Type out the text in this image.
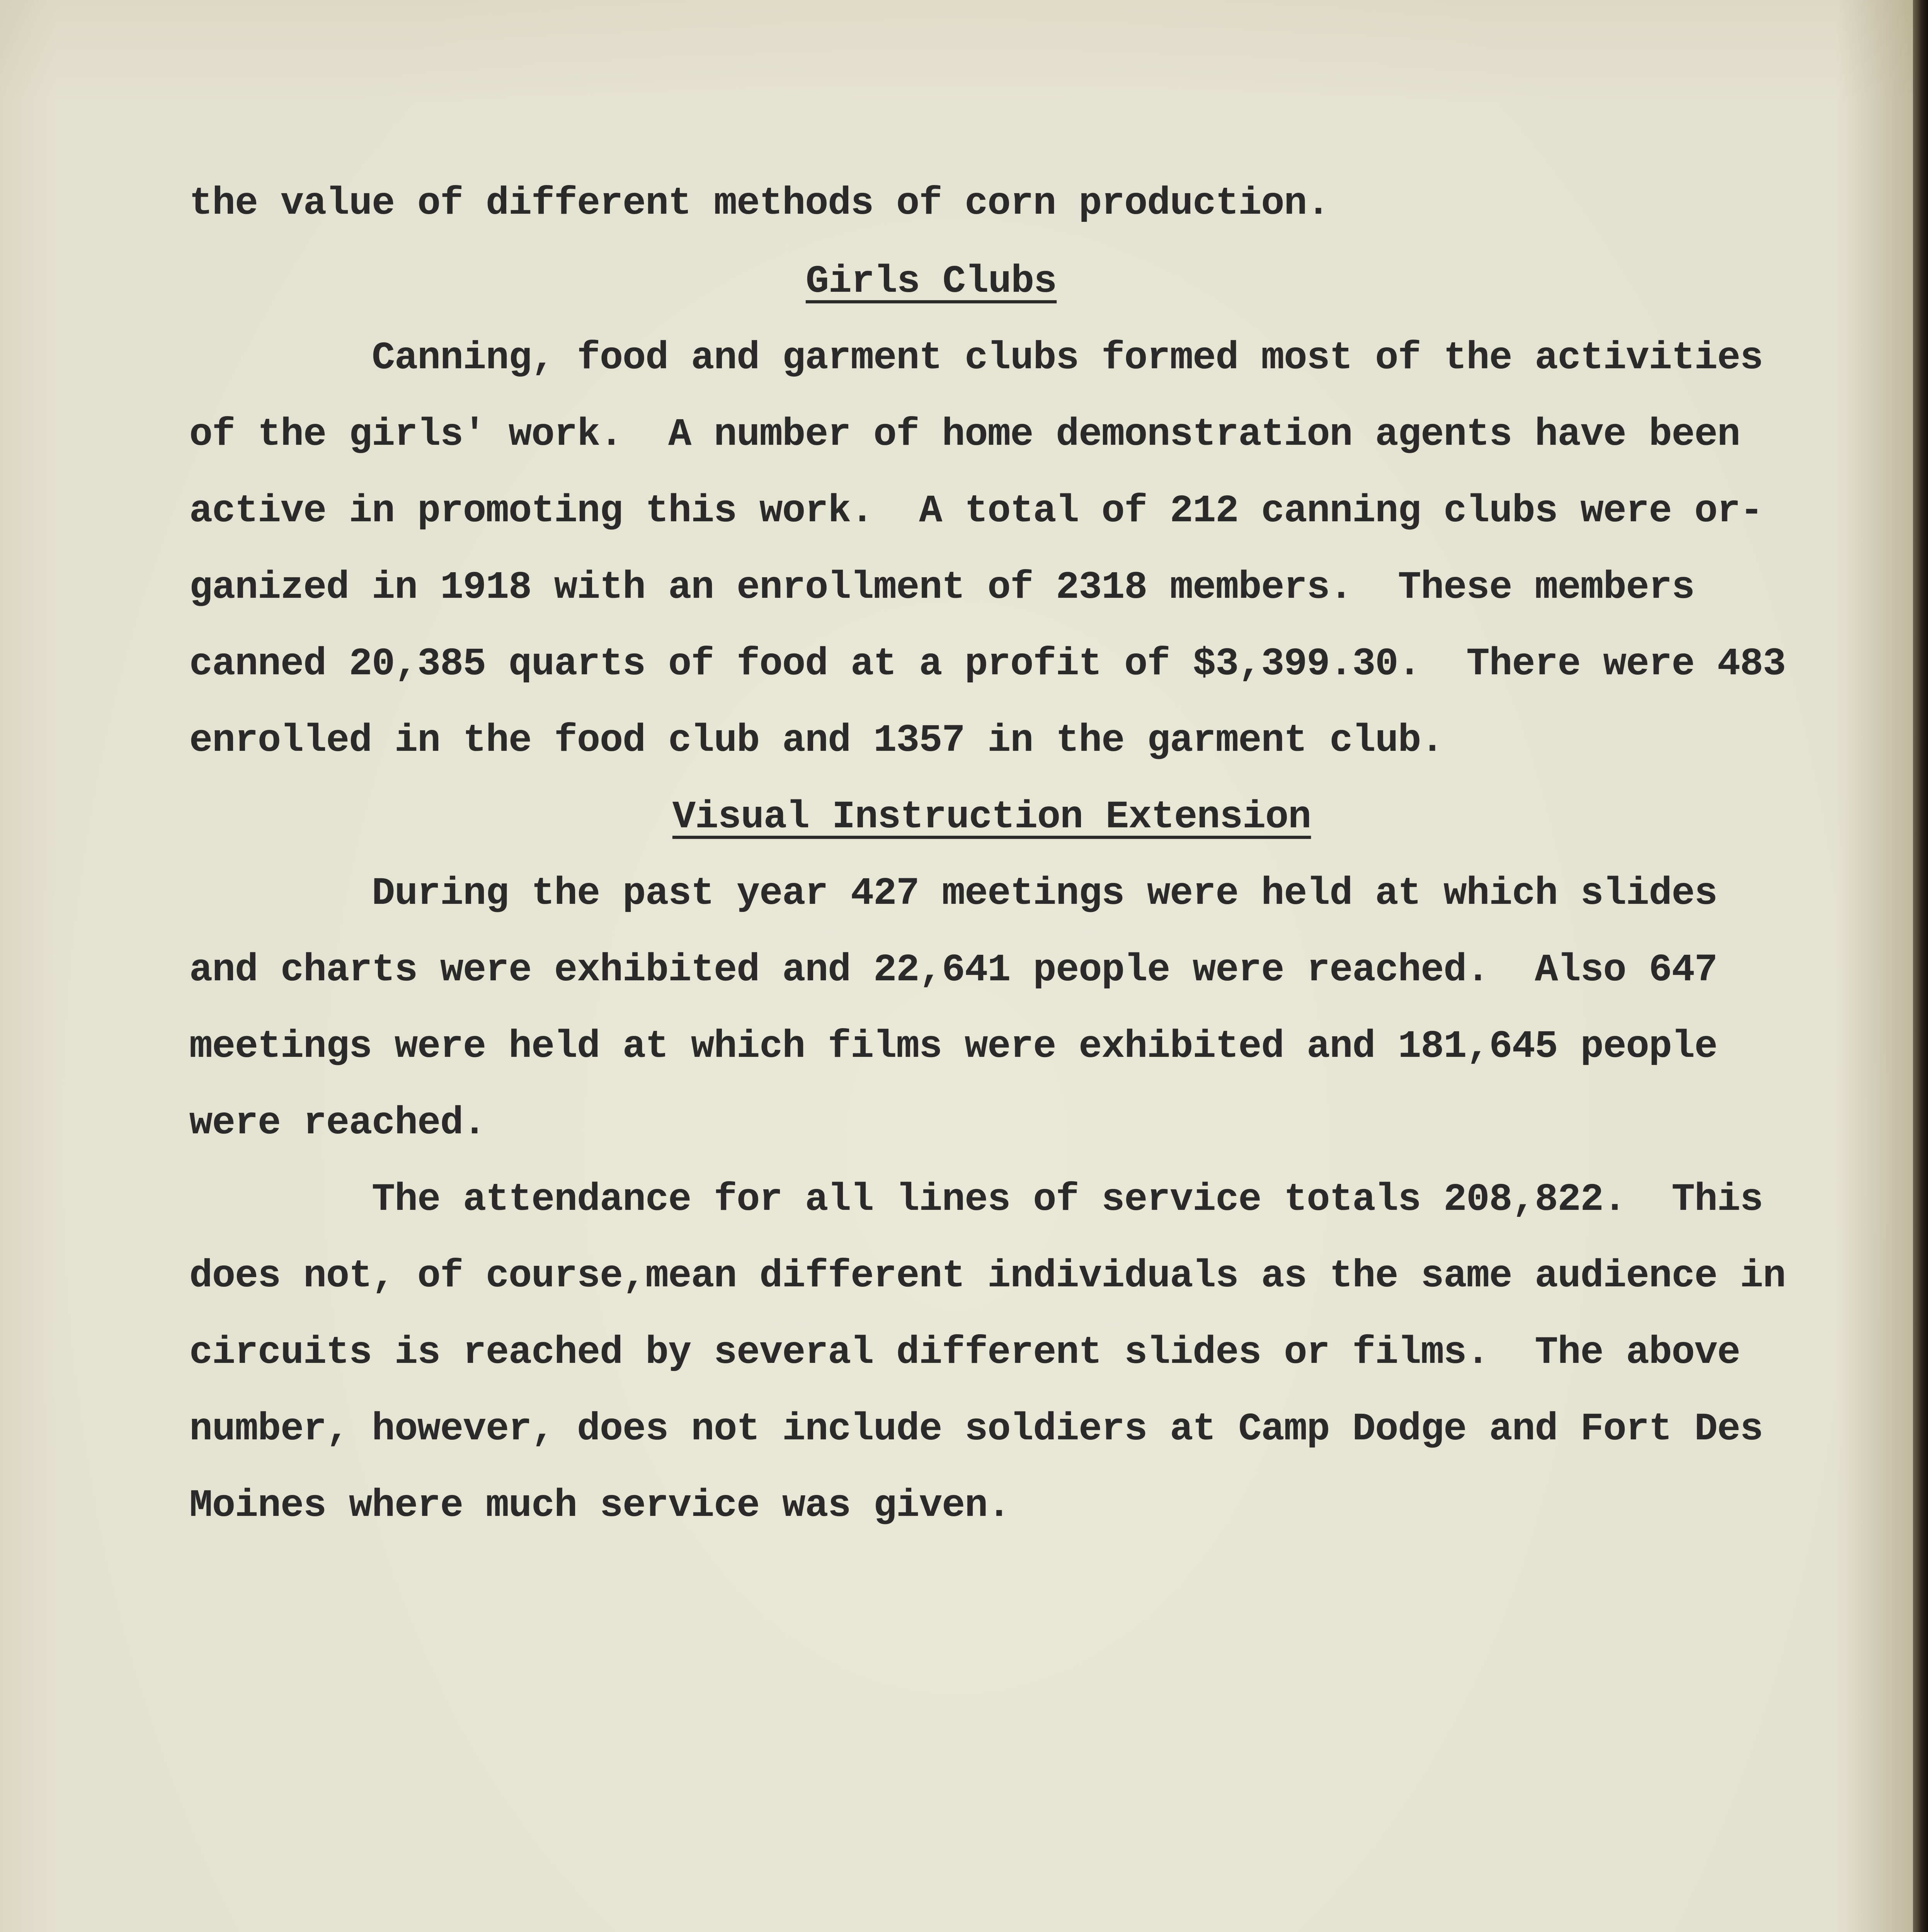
the value of different methods of corn production.
Girls Clubs
Canning, food and garment clubs formed most of the activities
of the girls' work.  A number of home demonstration agents have been
active in promoting this work.  A total of 212 canning clubs were or-
ganized in 1918 with an enrollment of 2318 members.  These members
canned 20,385 quarts of food at a profit of $3,399.30.  There were 483
enrolled in the food club and 1357 in the garment club.
Visual Instruction Extension
During the past year 427 meetings were held at which slides
and charts were exhibited and 22,641 people were reached.  Also 647
meetings were held at which films were exhibited and 181,645 people
were reached.
The attendance for all lines of service totals 208,822.  This
does not, of course,mean different individuals as the same audience in
circuits is reached by several different slides or films.  The above
number, however, does not include soldiers at Camp Dodge and Fort Des
Moines where much service was given.
